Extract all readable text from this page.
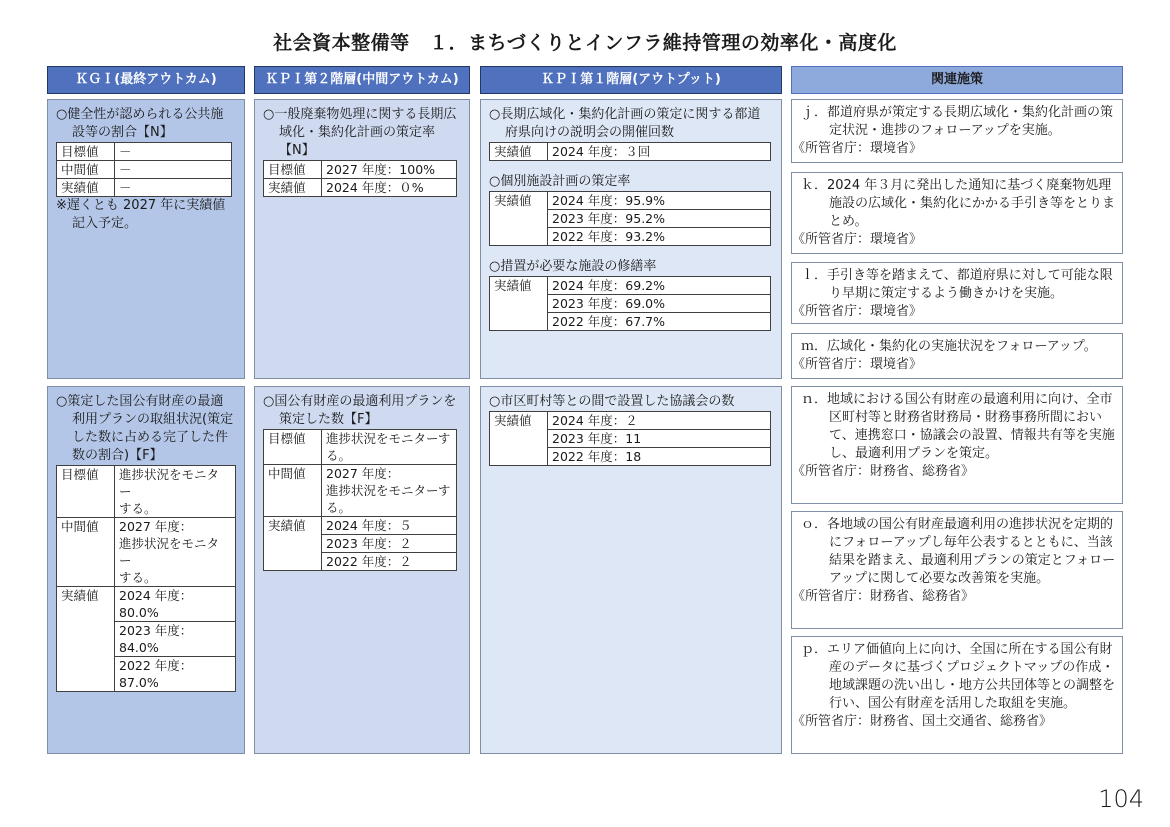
社会資本整備等　１．まちづくりとインフラ維持管理の効率化・高度化
ＫＧＩ(最終アウトカム)	ＫＰＩ第２階層(中間アウトカム)	ＫＰＩ第１階層(アウトプット)	関連施策
○健全性が認められる公共施設等の割合【N】
目標値	－
中間値	－
実績値	－
※遅くとも 2027 年に実績値記入予定。
○一般廃棄物処理に関する長期広域化・集約化計画の策定率【N】
目標値	2027 年度：100%
実績値	2024 年度：０%
○長期広域化・集約化計画の策定に関する都道府県向けの説明会の開催回数
実績値	2024 年度：３回
○個別施設計画の策定率
実績値	2024 年度：95.9%
2023 年度：95.2%
2022 年度：93.2%
○措置が必要な施設の修繕率
実績値	2024 年度：69.2%
2023 年度：69.0%
2022 年度：67.7%
ｊ．都道府県が策定する長期広域化・集約化計画の策定状況・進捗のフォローアップを実施。
《所管省庁：環境省》
ｋ．2024 年３月に発出した通知に基づく廃棄物処理施設の広域化・集約化にかかる手引き等をとりまとめ。
《所管省庁：環境省》
ｌ．手引き等を踏まえて、都道府県に対して可能な限り早期に策定するよう働きかけを実施。
《所管省庁：環境省》
ｍ．広域化・集約化の実施状況をフォローアップ。
《所管省庁：環境省》
○策定した国公有財産の最適利用プランの取組状況(策定した数に占める完了した件数の割合)【F】
目標値	進捗状況をモニター
する。

中間値	2027 年度：
進捗状況をモニター
する。

実績値	2024 年度：
80.0%

	2023 年度：
84.0%

	2022 年度：
87.0%
○国公有財産の最適利用プランを策定した数【F】
目標値	進捗状況をモニターす
る。

中間値	2027 年度：
進捗状況をモニターす
る。

実績値	2024 年度：５
	2023 年度：２
	2022 年度：２
○市区町村等との間で設置した協議会の数
実績値	2024 年度：２
2023 年度：11
2022 年度：18
ｎ．地域における国公有財産の最適利用に向け、全市区町村等と財務省財務局・財務事務所間において、連携窓口・協議会の設置、情報共有等を実施し、最適利用プランを策定。
《所管省庁：財務省、総務省》
ｏ．各地域の国公有財産最適利用の進捗状況を定期的にフォローアップし毎年公表するとともに、当該結果を踏まえ、最適利用プランの策定とフォローアップに関して必要な改善策を実施。
《所管省庁：財務省、総務省》
ｐ．エリア価値向上に向け、全国に所在する国公有財産のデータに基づくプロジェクトマップの作成・地域課題の洗い出し・地方公共団体等との調整を行い、国公有財産を活用した取組を実施。
《所管省庁：財務省、国土交通省、総務省》
104
